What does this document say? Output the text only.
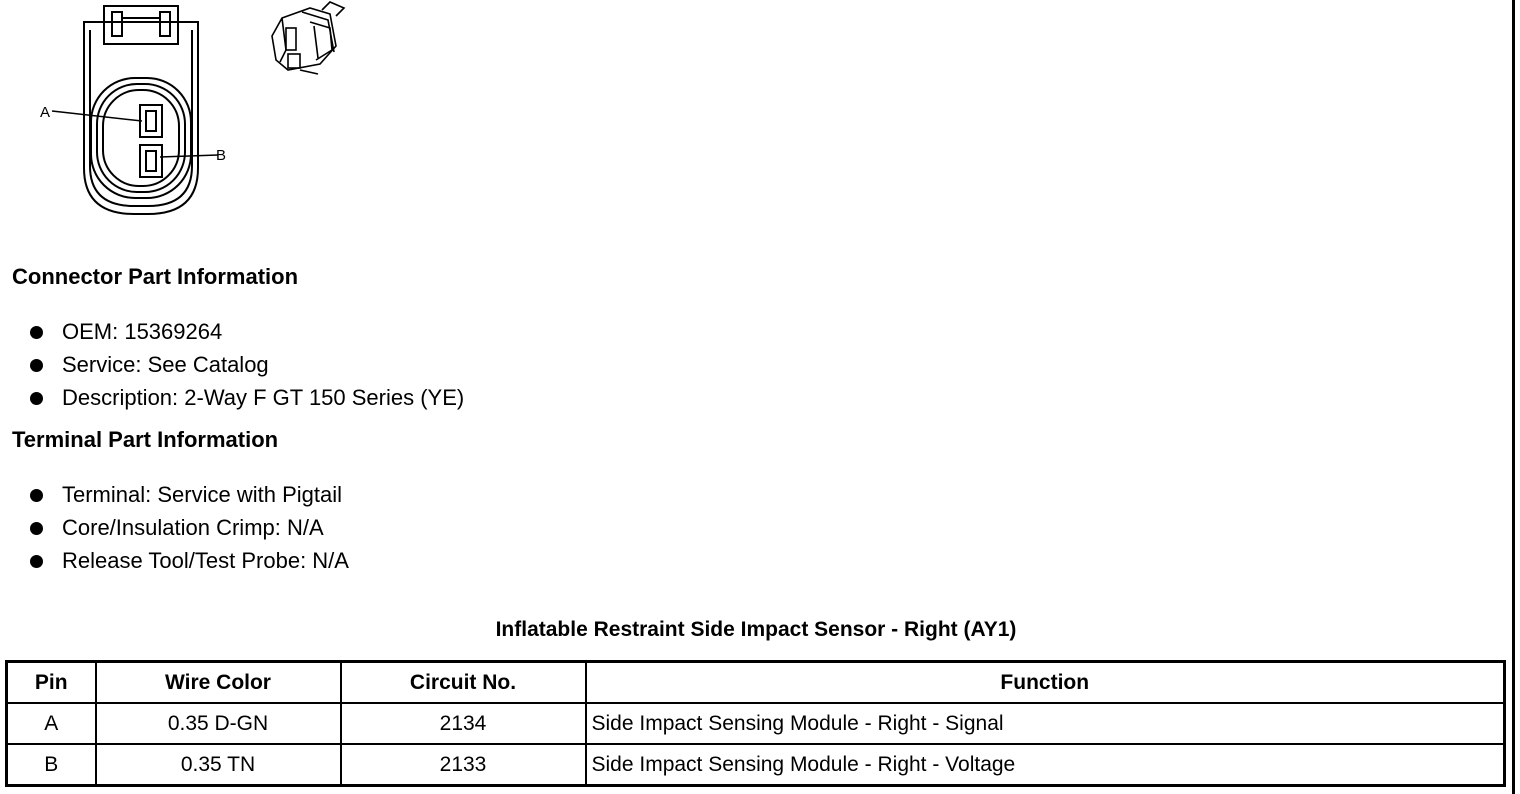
A
B
Connector Part Information
OEM: 15369264
Service: See Catalog
Description: 2-Way F GT 150 Series (YE)
Terminal Part Information
Terminal: Service with Pigtail
Core/Insulation Crimp: N/A
Release Tool/Test Probe: N/A
Inflatable Restraint Side Impact Sensor - Right (AY1)
Pin	Wire Color	Circuit No.	Function
A	0.35 D-GN	2134	Side Impact Sensing Module - Right - Signal
B	0.35 TN	2133	Side Impact Sensing Module - Right - Voltage
